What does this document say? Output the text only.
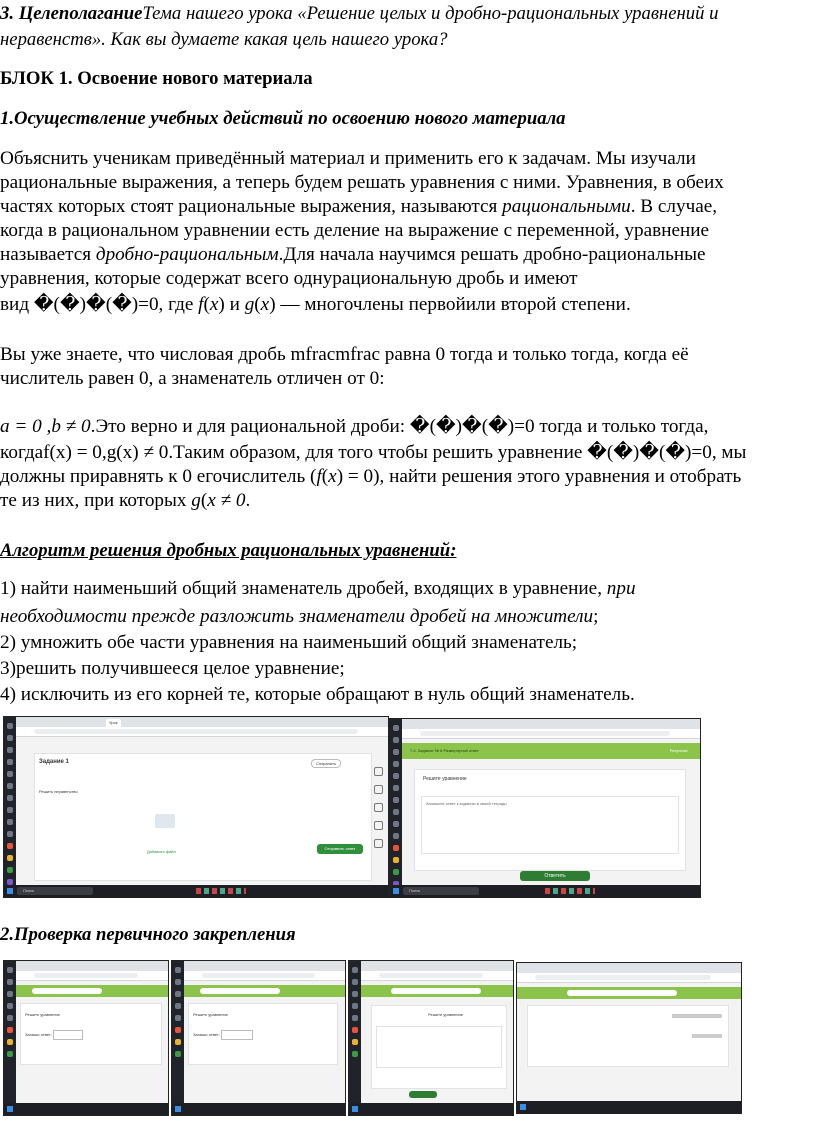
3. ЦелеполаганиеТема нашего урока «Решение целых и дробно-рациональных уравнений и
неравенств». Как вы думаете какая цель нашего урока?
БЛОК 1. Освоение нового материала
1.Осуществление учебных действий по освоению нового материала
Объяснить ученикам приведённый материал и применить его к задачам. Мы изучали
рациональные выражения, а теперь будем решать уравнения с ними. Уравнения, в обеих
частях которых стоят рациональные выражения, называются рациональными. В случае,
когда в рациональном уравнении есть деление на выражение с переменной, уравнение
называется дробно-рациональным.Для начала научимся решать дробно-рациональные
уравнения, которые содержат всего однурациональную дробь и имеют
вид �(�)�(�)=0, где f(x) и g(x) — многочлены первойили второй степени.
Вы уже знаете, что числовая дробь mfracmfrac равна 0 тогда и только тогда, когда её
числитель равен 0, а знаменатель отличен от 0:
a = 0 ,b ≠ 0.Это верно и для рациональной дроби: �(�)�(�)=0 тогда и только тогда,
когдаf(x) = 0,g(x) ≠ 0.Таким образом, для того чтобы решить уравнение �(�)�(�)=0, мы
должны приравнять к 0 егочислитель (f(x) = 0), найти решения этого уравнения и отобрать
те из них, при которых g(x ≠ 0.
Алгоритм решения дробных рациональных уравнений:
1) найти наименьший общий знаменатель дробей, входящих в уравнение, при
необходимости прежде разложить знаменатели дробей на множители;
2) умножить обе части уравнения на наименьший общий знаменатель;
3)решить получившееся целое уравнение;
4) исключить из его корней те, которые обращают в нуль общий знаменатель.
Урок
Задание 1	Сохранить
Решить неравенство
Добавить файл
Отправить ответ
Поиск
7.4. Задание № 8 Развернутый ответ	Результат
Решите уравнение
Запишите ответ к заданию в своей тетради
Ответить
Поиск
2.Проверка первичного закрепления
Решите уравнение
Запиши ответ:
Решите уравнение
Запиши ответ:
Решите уравнение
